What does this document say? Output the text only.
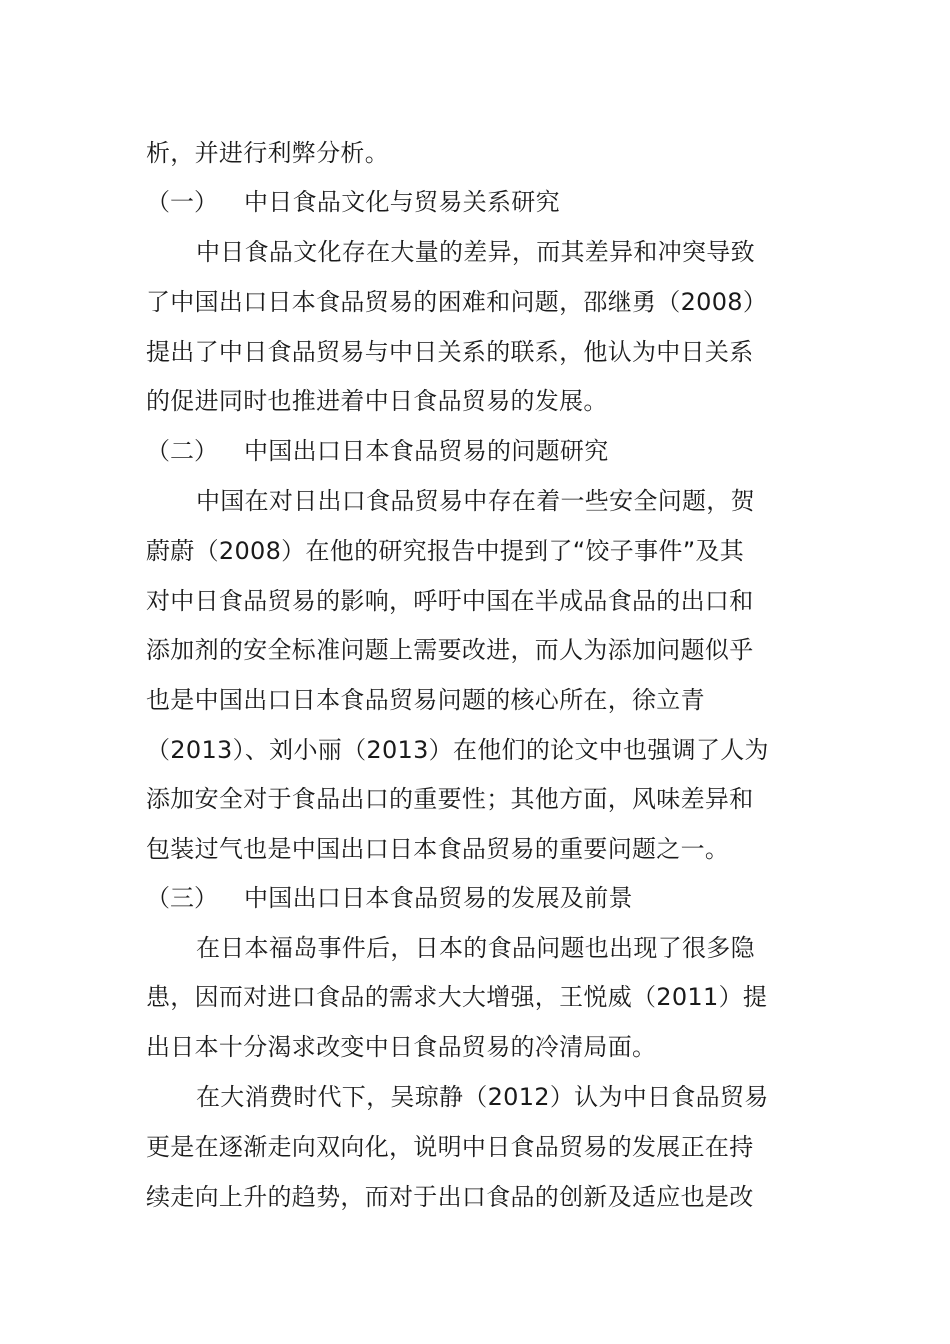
析，并进行利弊分析。
（一） 中日食品文化与贸易关系研究
中日食品文化存在大量的差异，而其差异和冲突导致
了中国出口日本食品贸易的困难和问题，邵继勇（2008）
提出了中日食品贸易与中日关系的联系，他认为中日关系
的促进同时也推进着中日食品贸易的发展。
（二） 中国出口日本食品贸易的问题研究
中国在对日出口食品贸易中存在着一些安全问题，贺
蔚蔚（2008）在他的研究报告中提到了“饺子事件”及其
对中日食品贸易的影响，呼吁中国在半成品食品的出口和
添加剂的安全标准问题上需要改进，而人为添加问题似乎
也是中国出口日本食品贸易问题的核心所在，徐立青
（2013）、刘小丽（2013）在他们的论文中也强调了人为
添加安全对于食品出口的重要性；其他方面，风味差异和
包装过气也是中国出口日本食品贸易的重要问题之一。
（三） 中国出口日本食品贸易的发展及前景
在日本福岛事件后，日本的食品问题也出现了很多隐
患，因而对进口食品的需求大大增强，王悦威（2011）提
出日本十分渴求改变中日食品贸易的冷清局面。
在大消费时代下，吴琼静（2012）认为中日食品贸易
更是在逐渐走向双向化，说明中日食品贸易的发展正在持
续走向上升的趋势，而对于出口食品的创新及适应也是改
